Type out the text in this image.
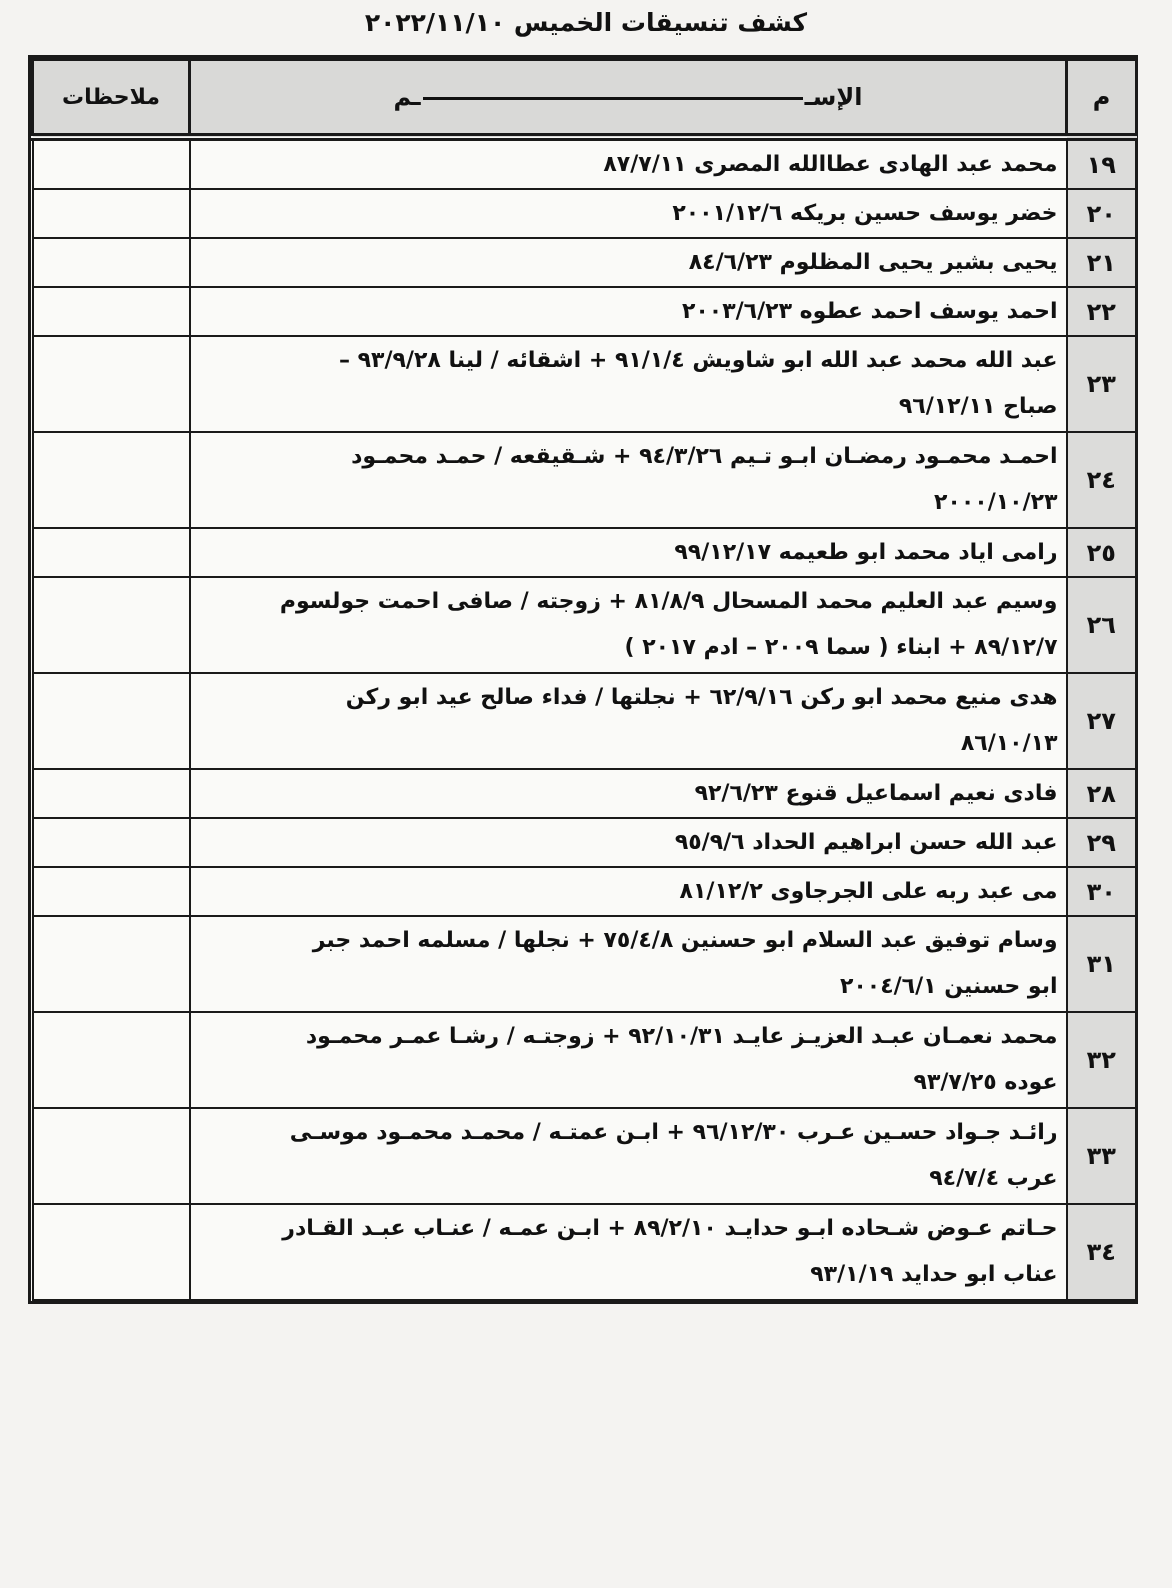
كشف تنسيقات الخميس ٢٠٢٢/١١/١٠
م	الإســم	ملاحظات
١٩	محمد عبد الهادى عطاالله المصرى ٨٧/٧/١١	
٢٠	خضر يوسف حسين بريكه ٢٠٠١/١٢/٦	
٢١	يحيى بشير يحيى المظلوم ٨٤/٦/٢٣	
٢٢	احمد يوسف احمد عطوه ٢٠٠٣/٦/٢٣	
٢٣	عبد الله محمد عبد الله ابو شاويش ٩١/١/٤ + اشقائه / لينا ٩٣/٩/٢٨ –
صباح ٩٦/١٢/١١	
٢٤	احمـد محمـود رمضـان ابـو تـيم ٩٤/٣/٢٦ + شـقيقعه / حمـد محمـود
٢٠٠٠/١٠/٢٣	
٢٥	رامى اياد محمد ابو طعيمه ٩٩/١٢/١٧	
٢٦	وسيم عبد العليم محمد المسحال ٨١/٨/٩ + زوجته / صافى احمت جولسوم
٨٩/١٢/٧ + ابناء ( سما ٢٠٠٩ – ادم ٢٠١٧ )	
٢٧	هدى منيع محمد ابو ركن ٦٢/٩/١٦ + نجلتها / فداء صالح عيد ابو ركن
٨٦/١٠/١٣	
٢٨	فادى نعيم اسماعيل قنوع ٩٢/٦/٢٣	
٢٩	عبد الله حسن ابراهيم الحداد ٩٥/٩/٦	
٣٠	مى عبد ربه على الجرجاوى ٨١/١٢/٢	
٣١	وسام توفيق عبد السلام ابو حسنين ٧٥/٤/٨ + نجلها / مسلمه احمد جبر
ابو حسنين ٢٠٠٤/٦/١	
٣٢	محمد نعمـان عبـد العزيـز عايـد ٩٢/١٠/٣١ + زوجتـه / رشـا عمـر محمـود
عوده ٩٣/٧/٢٥	
٣٣	رائـد جـواد حسـين عـرب ٩٦/١٢/٣٠ + ابـن عمتـه / محمـد محمـود موسـى
عرب ٩٤/٧/٤	
٣٤	حـاتم عـوض شـحاده ابـو حدايـد ٨٩/٢/١٠ + ابـن عمـه / عنـاب عبـد القـادر
عناب ابو حدايد ٩٣/١/١٩	
